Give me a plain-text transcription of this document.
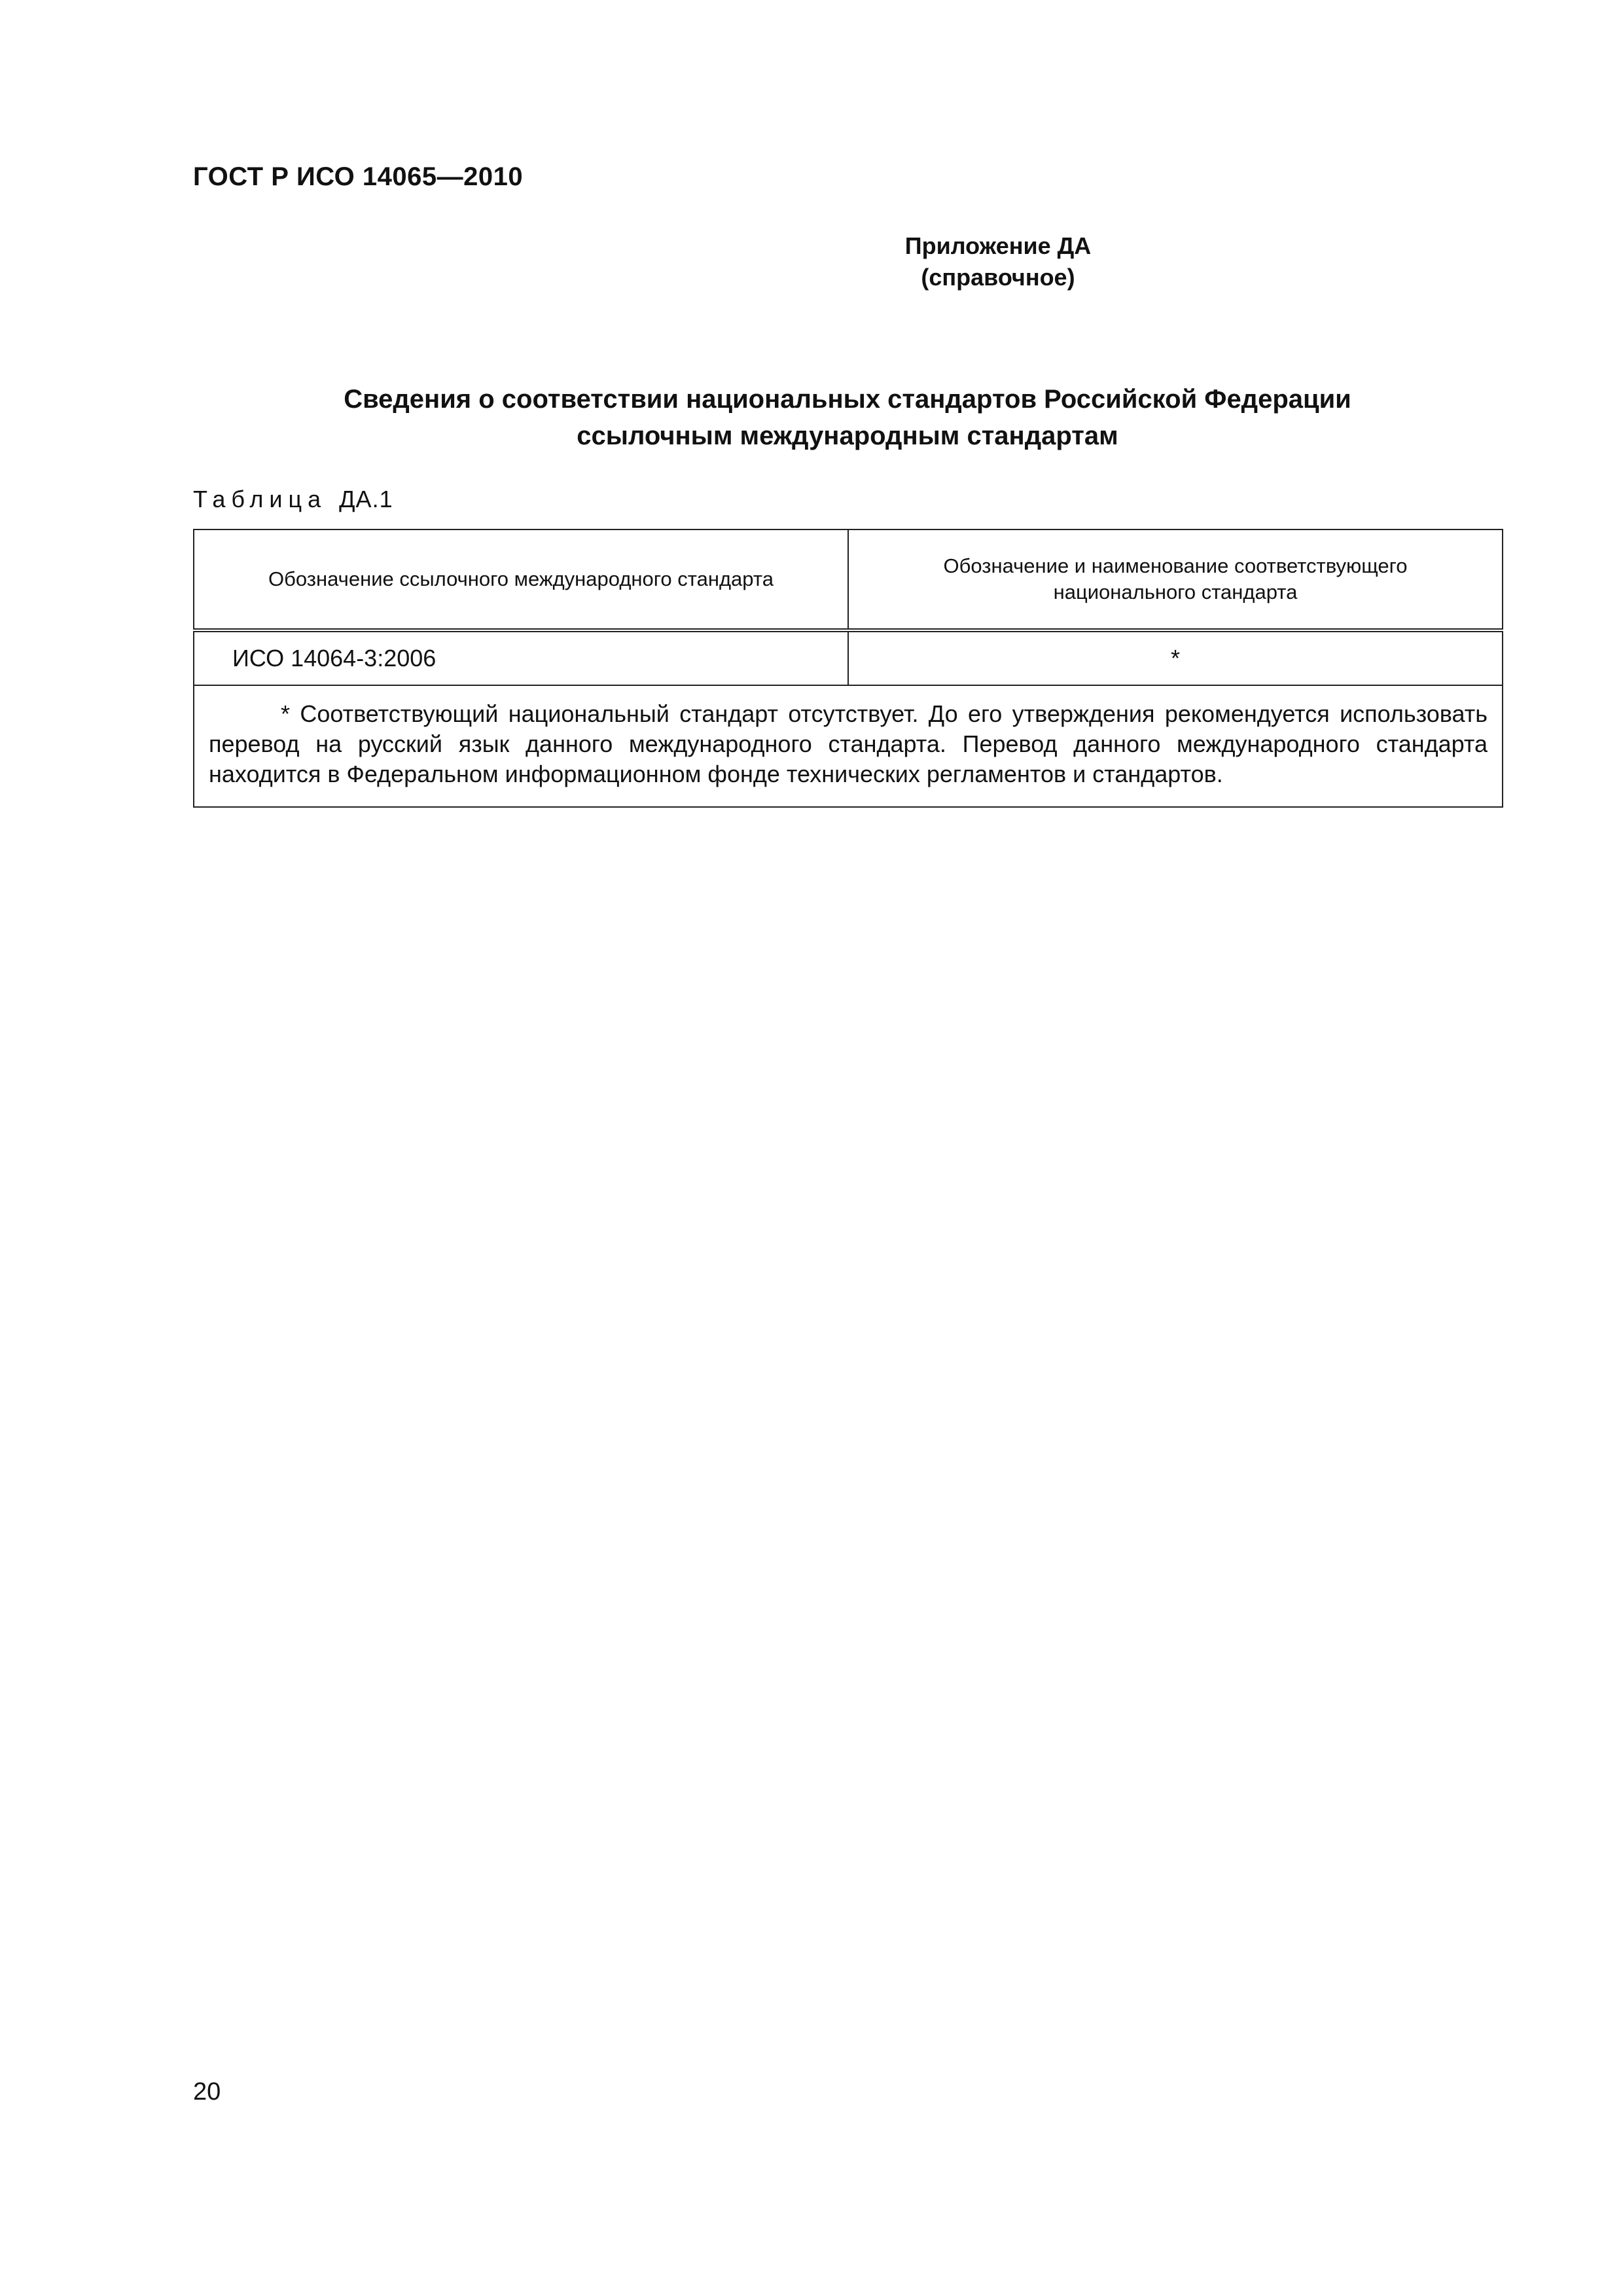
ГОСТ Р ИСО 14065—2010
Приложение ДА
(справочное)
Сведения о соответствии национальных стандартов Российской Федерации
ссылочным международным стандартам
Таблица ДА.1
Обозначение ссылочного международного стандарта	Обозначение и наименование соответствующего национального стандарта

ИСО 14064-3:2006	*
* Соответствующий национальный стандарт отсутствует. До его утверждения рекомендуется использовать перевод на русский язык данного международного стандарта. Перевод данного международного стандарта находится в Федеральном информационном фонде технических регламентов и стандартов.	
20
